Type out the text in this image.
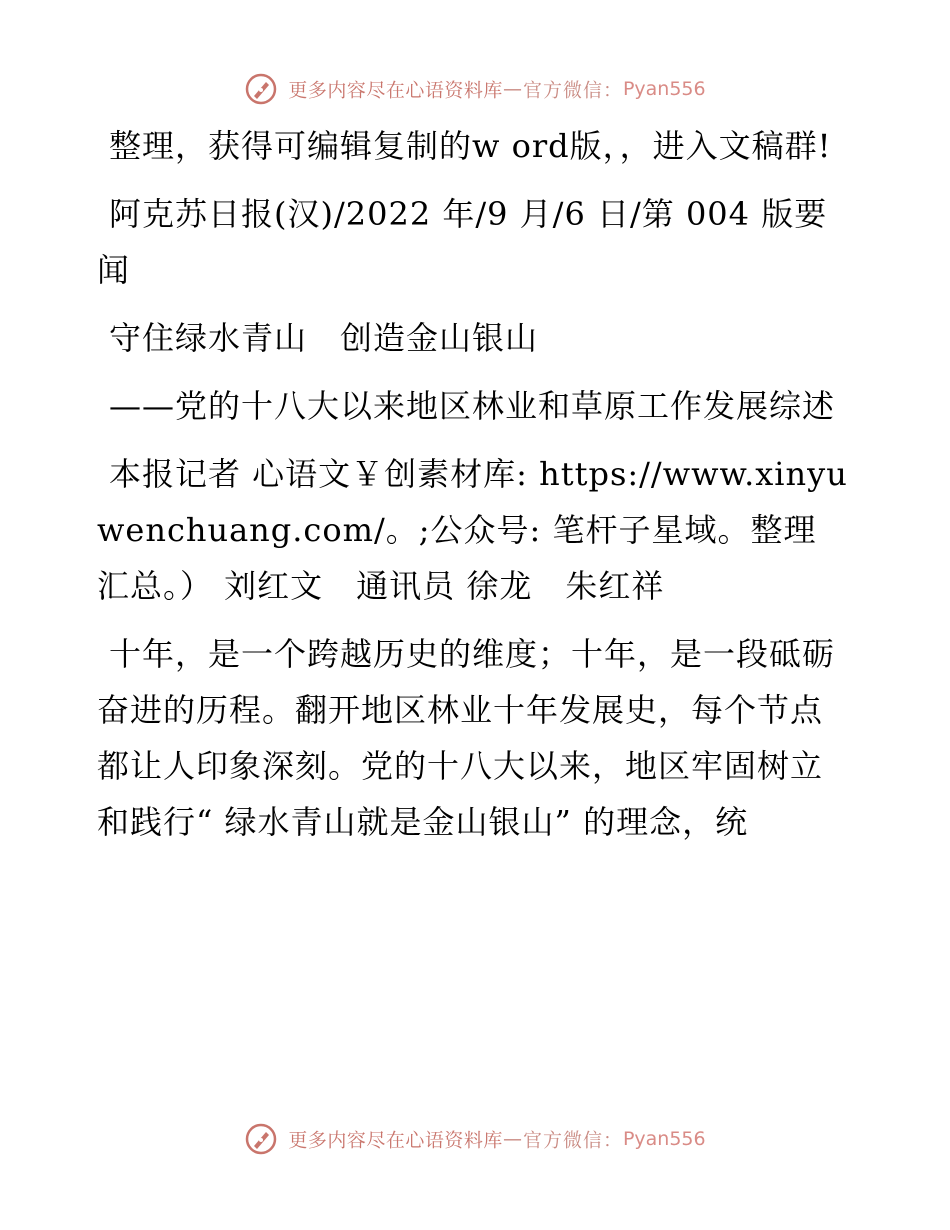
更多内容尽在心语资料库—官方微信：Pyan556

整理，获得可编辑复制的w ord版，，进入文稿群!

阿克苏日报(汉)/2022 年/9 月/6 日/第 004 版要闻

守住绿水青山　创造金山银山

——党的十八大以来地区林业和草原工作发展综述

本报记者 心语文￥创素材库: https://www.xinyuwenchuang.com/。;公众号: 笔杆子星域。整理汇总。） 刘红文　通讯员 徐龙　朱红祥

十年，是一个跨越历史的维度；十年，是一段砥砺奋进的历程。翻开地区林业十年发展史，每个节点都让人印象深刻。党的十八大以来，地区牢固树立和践行“ 绿水青山就是金山银山” 的理念，统

更多内容尽在心语资料库—官方微信：Pyan556
